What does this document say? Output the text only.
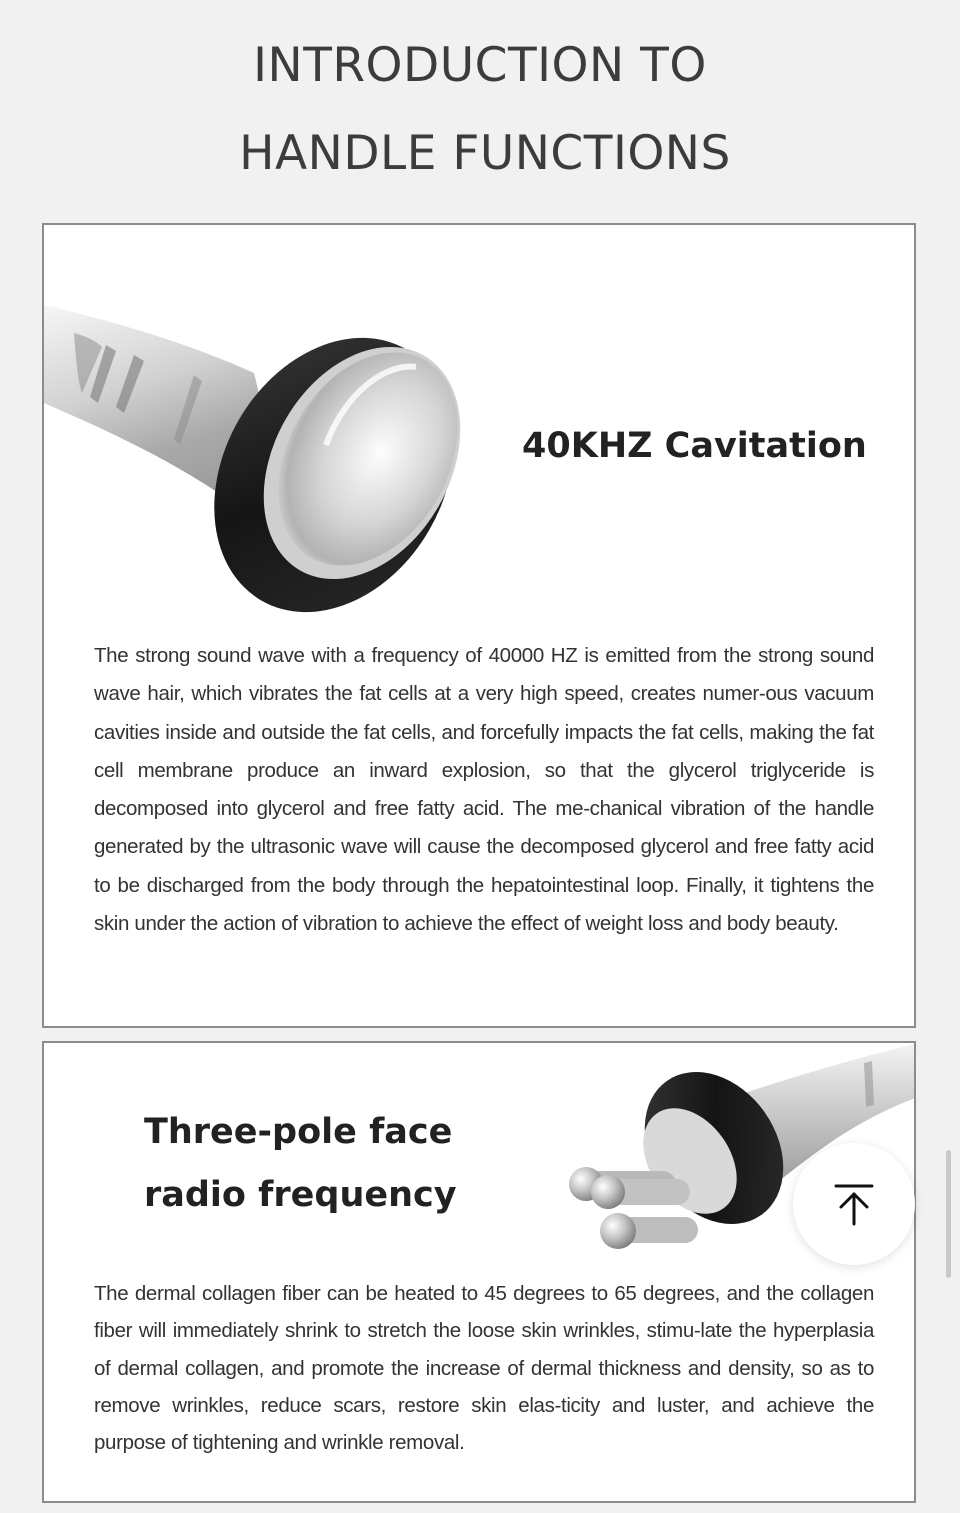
INTRODUCTION TO
HANDLE FUNCTIONS
40KHZ Cavitation

The strong sound wave with a frequency of 40000 HZ is emitted from the strong sound wave hair, which vibrates the fat cells at a very high speed, creates numer-ous vacuum cavities inside and outside the fat cells, and forcefully impacts the fat cells, making the fat cell membrane produce an inward explosion, so that the glycerol triglyceride is decomposed into glycerol and free fatty acid. The me-chanical vibration of the handle generated by the ultrasonic wave will cause the decomposed glycerol and free fatty acid to be discharged from the body through the hepatointestinal loop. Finally, it tightens the skin under the action of vibration to achieve the effect of weight loss and body beauty.

Three-pole face radio frequency

The dermal collagen fiber can be heated to 45 degrees to 65 degrees, and the collagen fiber will immediately shrink to stretch the loose skin wrinkles, stimu-late the hyperplasia of dermal collagen, and promote the increase of dermal thickness and density, so as to remove wrinkles, reduce scars, restore skin elas-ticity and luster, and achieve the purpose of tightening and wrinkle removal.
